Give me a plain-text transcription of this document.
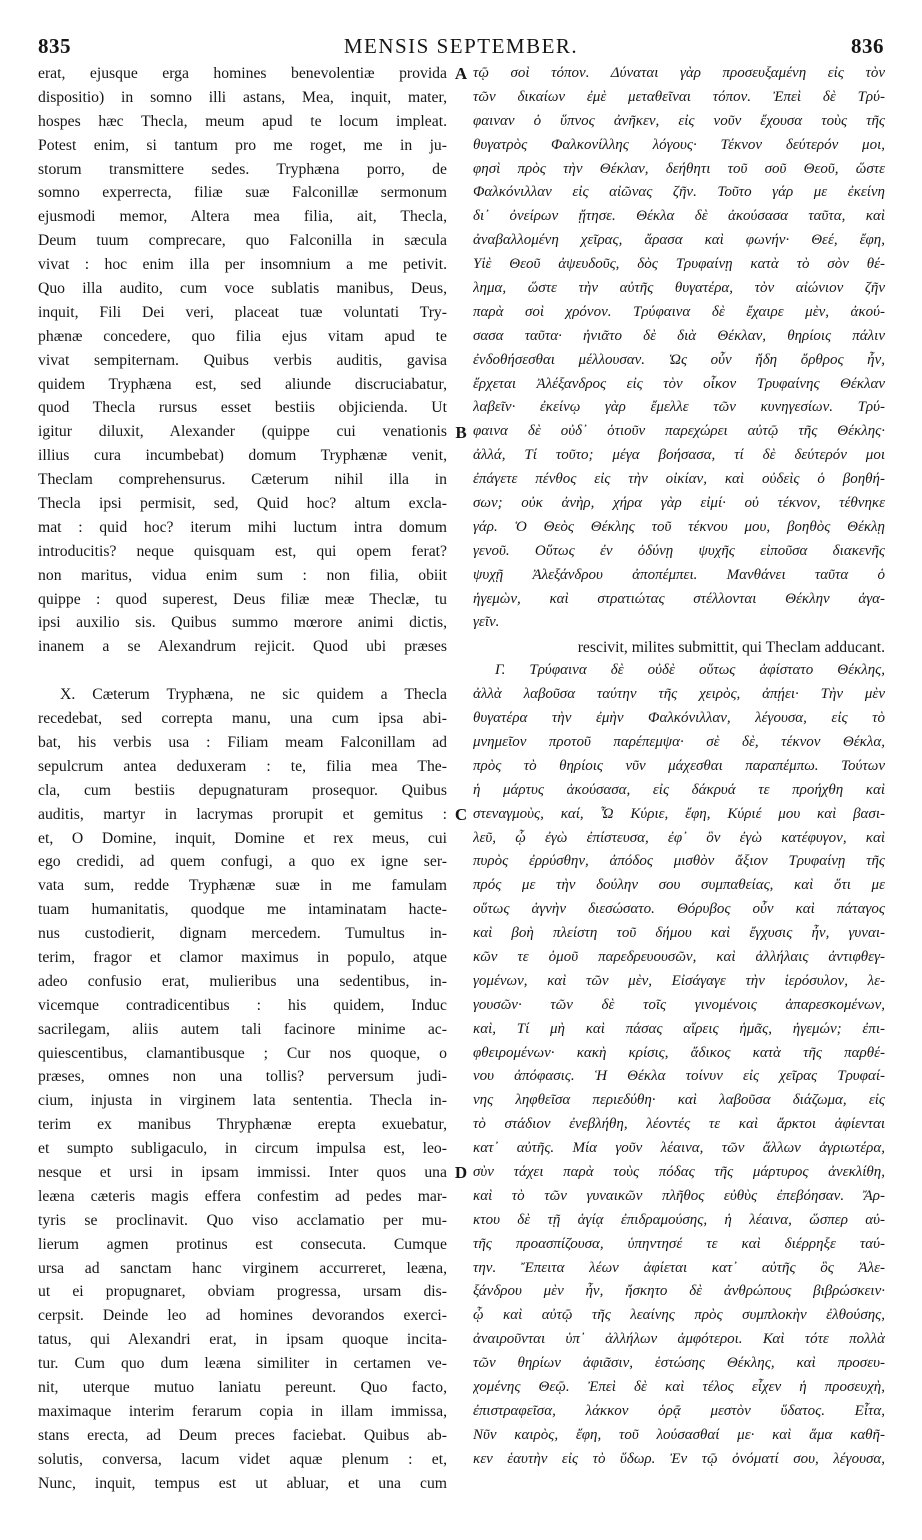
835	MENSIS SEPTEMBER.	836
erat, ejusque erga homines benevolentiæ provida
dispositio) in somno illi astans, Mea, inquit, mater,
hospes hæc Thecla, meum apud te locum impleat.
Potest enim, si tantum pro me roget, me in ju-
storum transmittere sedes. Tryphæna porro, de
somno experrecta, filiæ suæ Falconillæ sermonum
ejusmodi memor, Altera mea filia, ait, Thecla,
Deum tuum comprecare, quo Falconilla in sæcula
vivat : hoc enim illa per insomnium a me petivit.
Quo illa audito, cum voce sublatis manibus, Deus,
inquit, Fili Dei veri, placeat tuæ voluntati Try-
phænæ concedere, quo filia ejus vitam apud te
vivat sempiternam. Quibus verbis auditis, gavisa
quidem Tryphæna est, sed aliunde discruciabatur,
quod Thecla rursus esset bestiis objicienda. Ut
igitur diluxit, Alexander (quippe cui venationis
illius cura incumbebat) domum Tryphænæ venit,
Theclam comprehensurus. Cæterum nihil illa in
Thecla ipsi permisit, sed, Quid hoc? altum excla-
mat : quid hoc? iterum mihi luctum intra domum
introducitis? neque quisquam est, qui opem ferat?
non maritus, vidua enim sum : non filia, obiit
quippe : quod superest, Deus filiæ meæ Theclæ, tu
ipsi auxilio sis. Quibus summo mœrore animi dictis,
inanem a se Alexandrum rejicit. Quod ubi præses
X. Cæterum Tryphæna, ne sic quidem a Thecla
recedebat, sed correpta manu, una cum ipsa abi-
bat, his verbis usa : Filiam meam Falconillam ad
sepulcrum antea deduxeram : te, filia mea The-
cla, cum bestiis depugnaturam prosequor. Quibus
auditis, martyr in lacrymas prorupit et gemitus :
et, O Domine, inquit, Domine et rex meus, cui
ego credidi, ad quem confugi, a quo ex igne ser-
vata sum, redde Tryphænæ suæ in me famulam
tuam humanitatis, quodque me intaminatam hacte-
nus custodierit, dignam mercedem. Tumultus in-
terim, fragor et clamor maximus in populo, atque
adeo confusio erat, mulieribus una sedentibus, in-
vicemque contradicentibus : his quidem, Induc
sacrilegam, aliis autem tali facinore minime ac-
quiescentibus, clamantibusque ; Cur nos quoque, o
præses, omnes non una tollis? perversum judi-
cium, injusta in virginem lata sententia. Thecla in-
terim ex manibus Thryphænæ erepta exuebatur,
et sumpto subligaculo, in circum impulsa est, leo-
nesque et ursi in ipsam immissi. Inter quos una
leæna cæteris magis effera confestim ad pedes mar-
tyris se proclinavit. Quo viso acclamatio per mu-
lierum agmen protinus est consecuta. Cumque
ursa ad sanctam hanc virginem accurreret, leæna,
ut ei propugnaret, obviam progressa, ursam dis-
cerpsit. Deinde leo ad homines devorandos exerci-
tatus, qui Alexandri erat, in ipsam quoque incita-
tur. Cum quo dum leæna similiter in certamen ve-
nit, uterque mutuo laniatu pereunt. Quo facto,
maximaque interim ferarum copia in illam immissa,
stans erecta, ad Deum preces faciebat. Quibus ab-
solutis, conversa, lacum videt aquæ plenum : et,
Nunc, inquit, tempus est ut abluar, et una cum
τῷ σοὶ τόπον. Δύναται γὰρ προσευξαμένη εἰς τὸν
τῶν δικαίων ἐμὲ μεταθεῖναι τόπον. Ἐπεὶ δὲ Τρύ-
φαιναν ὁ ὕπνος ἀνῆκεν, εἰς νοῦν ἔχουσα τοὺς τῆς
θυγατρὸς Φαλκονίλλης λόγους· Τέκνον δεύτερόν μοι,
φησὶ πρὸς τὴν Θέκλαν, δεήθητι τοῦ σοῦ Θεοῦ, ὥστε
Φαλκόνιλλαν εἰς αἰῶνας ζῆν. Τοῦτο γάρ με ἐκείνη
δι᾿ ὀνείρων ᾔτησε. Θέκλα δὲ ἀκούσασα ταῦτα, καὶ
ἀναβαλλομένη χεῖρας, ἄρασα καὶ φωνήν· Θεέ, ἔφη,
Υἱὲ Θεοῦ ἀψευδοῦς, δὸς Τρυφαίνῃ κατὰ τὸ σὸν θέ-
λημα, ὥστε τὴν αὐτῆς θυγατέρα, τὸν αἰώνιον ζῆν
παρὰ σοὶ χρόνον. Τρύφαινα δὲ ἔχαιρε μὲν, ἀκού-
σασα ταῦτα· ἠνιᾶτο δὲ διὰ Θέκλαν, θηρίοις πάλιν
ἐνδοθήσεσθαι μέλλουσαν. Ὡς οὖν ἤδη ὄρθρος ἦν,
ἔρχεται Ἀλέξανδρος εἰς τὸν οἶκον Τρυφαίνης Θέκλαν
λαβεῖν· ἐκείνῳ γὰρ ἔμελλε τῶν κυνηγεσίων. Τρύ-
φαινα δὲ οὐδ᾿ ὁτιοῦν παρεχώρει αὐτῷ τῆς Θέκλης·
ἀλλά, Τί τοῦτο; μέγα βοήσασα, τί δὲ δεύτερόν μοι
ἐπάγετε πένθος εἰς τὴν οἰκίαν, καὶ οὐδεὶς ὁ βοηθή-
σων; οὐκ ἀνὴρ, χήρα γὰρ εἰμί· οὐ τέκνον, τέθνηκε
γάρ. Ὁ Θεὸς Θέκλης τοῦ τέκνου μου, βοηθὸς Θέκλῃ
γενοῦ. Οὕτως ἐν ὀδύνῃ ψυχῆς εἰποῦσα διακενῆς
ψυχῇ Ἀλεξάνδρου ἀποπέμπει. Μανθάνει ταῦτα ὁ
ἡγεμὼν, καὶ στρατιώτας στέλλονται Θέκλην ἀγα-
γεῖν.
Γ. Τρύφαινα δὲ οὐδὲ οὕτως ἀφίστατο Θέκλης,
ἀλλὰ λαβοῦσα ταύτην τῆς χειρὸς, ἀπῄει· Τὴν μὲν
θυγατέρα τὴν ἐμὴν Φαλκόνιλλαν, λέγουσα, εἰς τὸ
μνημεῖον προτοῦ παρέπεμψα· σὲ δὲ, τέκνον Θέκλα,
πρὸς τὸ θηρίοις νῦν μάχεσθαι παραπέμπω. Τούτων
ἡ μάρτυς ἀκούσασα, εἰς δάκρυά τε προήχθη καὶ
στεναγμοὺς, καί, Ὦ Κύριε, ἔφη, Κύριέ μου καὶ βασι-
λεῦ, ᾧ ἐγὼ ἐπίστευσα, ἐφ᾿ ὃν ἐγὼ κατέφυγον, καὶ
πυρὸς ἐρρύσθην, ἀπόδος μισθὸν ἄξιον Τρυφαίνῃ τῆς
πρός με τὴν δούλην σου συμπαθείας, καὶ ὅτι με
οὕτως ἁγνὴν διεσώσατο. Θόρυβος οὖν καὶ πάταγος
καὶ βοὴ πλείστη τοῦ δήμου καὶ ἔγχυσις ἦν, γυναι-
κῶν τε ὁμοῦ παρεδρευουσῶν, καὶ ἀλλήλαις ἀντιφθεγ-
γομένων, καὶ τῶν μὲν, Εἰσάγαγε τὴν ἱερόσυλον, λε-
γουσῶν· τῶν δὲ τοῖς γινομένοις ἀπαρεσκομένων,
καὶ, Τί μὴ καὶ πάσας αἴρεις ἡμᾶς, ἡγεμών; ἐπι-
φθειρομένων· κακὴ κρίσις, ἄδικος κατὰ τῆς παρθέ-
νου ἀπόφασις. Ἡ Θέκλα τοίνυν εἰς χεῖρας Τρυφαί-
νης ληφθεῖσα περιεδύθη· καὶ λαβοῦσα διάζωμα, εἰς
τὸ στάδιον ἐνεβλήθη, λέοντές τε καὶ ἄρκτοι ἀφίενται
κατ᾿ αὐτῆς. Μία γοῦν λέαινα, τῶν ἄλλων ἀγριωτέρα,
σὺν τάχει παρὰ τοὺς πόδας τῆς μάρτυρος ἀνεκλίθη,
καὶ τὸ τῶν γυναικῶν πλῆθος εὐθὺς ἐπεβόησαν. Ἄρ-
κτου δὲ τῇ ἁγίᾳ ἐπιδραμούσης, ἡ λέαινα, ὥσπερ αὐ-
τῆς προασπίζουσα, ὑπηντησέ τε καὶ διέρρηξε ταύ-
την. Ἔπειτα λέων ἀφίεται κατ᾿ αὐτῆς ὃς Ἀλε-
ξάνδρου μὲν ἦν, ἤσκητο δὲ ἀνθρώπους βιβρώσκειν·
ᾧ καὶ αὐτῷ τῆς λεαίνης πρὸς συμπλοκὴν ἐλθούσης,
ἀναιροῦνται ὑπ᾿ ἀλλήλων ἀμφότεροι. Καὶ τότε πολλὰ
τῶν θηρίων ἀφιᾶσιν, ἑστώσης Θέκλης, καὶ προσευ-
χομένης Θεῷ. Ἐπεὶ δὲ καὶ τέλος εἶχεν ἡ προσευχὴ,
ἐπιστραφεῖσα, λάκκον ὁρᾷ μεστὸν ὕδατος. Εἶτα,
Νῦν καιρὸς, ἔφη, τοῦ λούσασθαί με· καὶ ἅμα καθῆ-
κεν ἑαυτὴν εἰς τὸ ὕδωρ. Ἐν τῷ ὀνόματί σου, λέγουσα,
rescivit, milites submittit, qui Theclam adducant.
A
B
C
D
